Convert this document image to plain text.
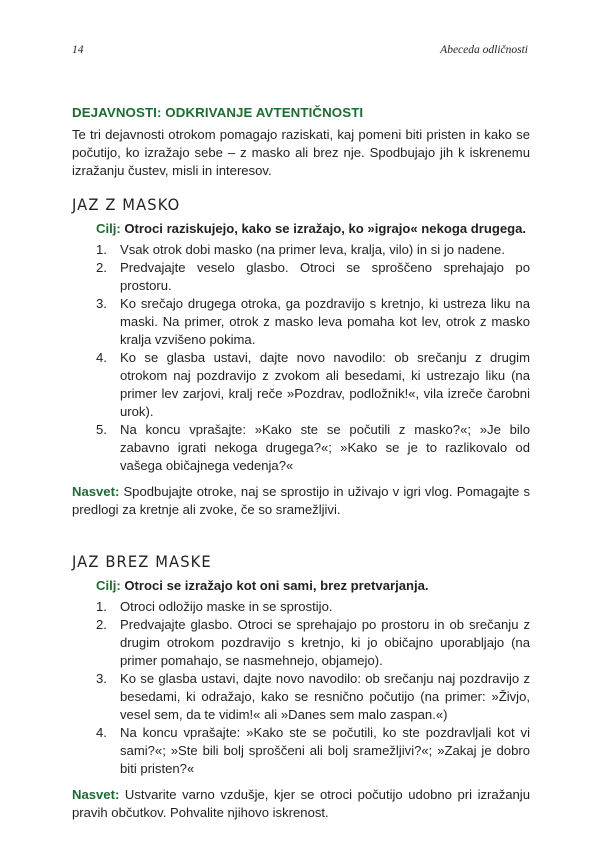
14	Abeceda odličnosti
DEJAVNOSTI: ODKRIVANJE AVTENTIČNOSTI

Te tri dejavnosti otrokom pomagajo raziskati, kaj pomeni biti pristen in kako se počutijo, ko izražajo sebe – z masko ali brez nje. Spodbujajo jih k iskrenemu izražanju čustev, misli in interesov.

JAZ Z MASKO
Cilj: Otroci raziskujejo, kako se izražajo, ko »igrajo« nekoga drugega.
1. Vsak otrok dobi masko (na primer leva, kralja, vilo) in si jo nadene.
2. Predvajajte veselo glasbo. Otroci se sproščeno sprehajajo po prostoru.
3. Ko srečajo drugega otroka, ga pozdravijo s kretnjo, ki ustreza liku na maski. Na primer, otrok z masko leva pomaha kot lev, otrok z masko kralja vzvišeno pokima.
4. Ko se glasba ustavi, dajte novo navodilo: ob srečanju z drugim otrokom naj pozdravijo z zvokom ali besedami, ki ustrezajo liku (na primer lev zarjovi, kralj reče »Pozdrav, podložnik!«, vila izreče čarobni urok).
5. Na koncu vprašajte: »Kako ste se počutili z masko?«; »Je bilo zabavno igrati nekoga drugega?«; »Kako se je to razlikovalo od vašega običajnega vedenja?«

Nasvet: Spodbujajte otroke, naj se sprostijo in uživajo v igri vlog. Pomagajte s predlogi za kretnje ali zvoke, če so sramežljivi.

JAZ BREZ MASKE
Cilj: Otroci se izražajo kot oni sami, brez pretvarjanja.
1. Otroci odložijo maske in se sprostijo.
2. Predvajajte glasbo. Otroci se sprehajajo po prostoru in ob srečanju z drugim otrokom pozdravijo s kretnjo, ki jo običajno uporabljajo (na primer pomahajo, se nasmehnejo, objamejo).
3. Ko se glasba ustavi, dajte novo navodilo: ob srečanju naj pozdravijo z besedami, ki odražajo, kako se resnično počutijo (na primer: »Živjo, vesel sem, da te vidim!« ali »Danes sem malo zaspan.«)
4. Na koncu vprašajte: »Kako ste se počutili, ko ste pozdravljali kot vi sami?«; »Ste bili bolj sproščeni ali bolj sramežljivi?«; »Zakaj je dobro biti pristen?«

Nasvet: Ustvarite varno vzdušje, kjer se otroci počutijo udobno pri izražanju pravih občutkov. Pohvalite njihovo iskrenost.
